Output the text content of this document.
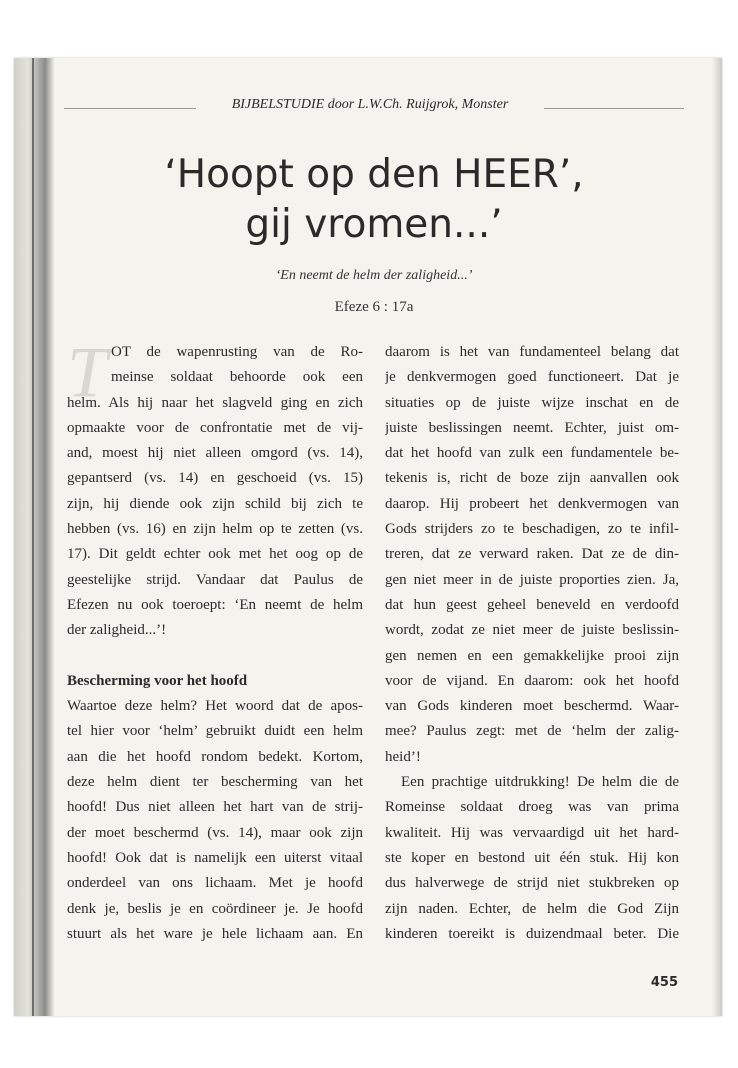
BIJBELSTUDIE door L.W.Ch. Ruijgrok, Monster
‘Hoopt op den HEER’,
gij vromen...’
‘En neemt de helm der zaligheid...’
Efeze 6 : 17a
T OT de wapenrusting van de Ro-
meinse soldaat behoorde ook een
helm. Als hij naar het slagveld ging en zich
opmaakte voor de confrontatie met de vij-
and, moest hij niet alleen omgord (vs. 14),
gepantserd (vs. 14) en geschoeid (vs. 15)
zijn, hij diende ook zijn schild bij zich te
hebben (vs. 16) en zijn helm op te zetten (vs.
17). Dit geldt echter ook met het oog op de
geestelijke strijd. Vandaar dat Paulus de
Efezen nu ook toeroept: ‘En neemt de helm
der zaligheid...’!
Bescherming voor het hoofd
Waartoe deze helm? Het woord dat de apos-
tel hier voor ‘helm’ gebruikt duidt een helm
aan die het hoofd rondom bedekt. Kortom,
deze helm dient ter bescherming van het
hoofd! Dus niet alleen het hart van de strij-
der moet beschermd (vs. 14), maar ook zijn
hoofd! Ook dat is namelijk een uiterst vitaal
onderdeel van ons lichaam. Met je hoofd
denk je, beslis je en coördineer je. Je hoofd
stuurt als het ware je hele lichaam aan. En
daarom is het van fundamenteel belang dat
je denkvermogen goed functioneert. Dat je
situaties op de juiste wijze inschat en de
juiste beslissingen neemt. Echter, juist om-
dat het hoofd van zulk een fundamentele be-
tekenis is, richt de boze zijn aanvallen ook
daarop. Hij probeert het denkvermogen van
Gods strijders zo te beschadigen, zo te infil-
treren, dat ze verward raken. Dat ze de din-
gen niet meer in de juiste proporties zien. Ja,
dat hun geest geheel beneveld en verdoofd
wordt, zodat ze niet meer de juiste beslissin-
gen nemen en een gemakkelijke prooi zijn
voor de vijand. En daarom: ook het hoofd
van Gods kinderen moet beschermd. Waar-
mee? Paulus zegt: met de ‘helm der zalig-
heid’!
Een prachtige uitdrukking! De helm die de
Romeinse soldaat droeg was van prima
kwaliteit. Hij was vervaardigd uit het hard-
ste koper en bestond uit één stuk. Hij kon
dus halverwege de strijd niet stukbreken op
zijn naden. Echter, de helm die God Zijn
kinderen toereikt is duizendmaal beter. Die
455
